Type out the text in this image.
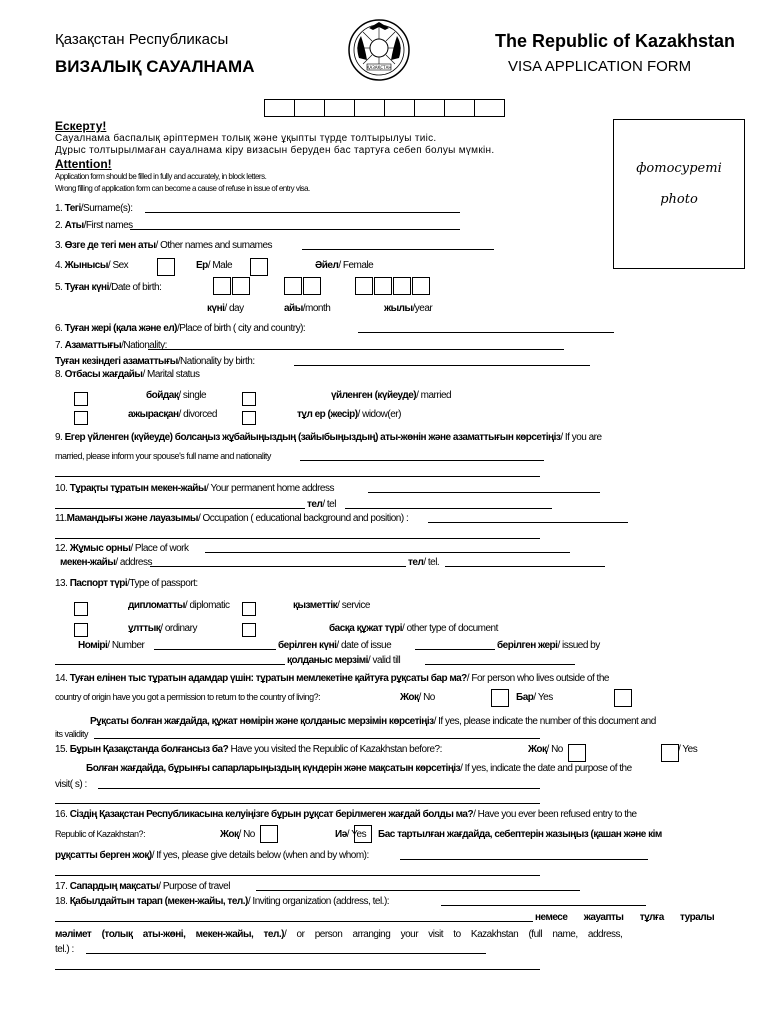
Қазақстан Республикасы
ВИЗАЛЫҚ САУАЛНАМА
The Republic of Kazakhstan
VISA APPLICATION FORM
ҚАЗАҚСТАН
фотосуреті
photo
Ескерту!
Сауалнама баспалық әріптермен толық және ұқыпты түрде толтырылуы тиіс.
Дұрыс толтырылмаған сауалнама кіру визасын беруден бас тартуға себеп болуы мүмкін.
Attention!
Application form should be filled in fully and accurately, in block letters.
Wrong filling of application form can become a cause of refuse in issue of entry visa.
1. Тегі/Surname(s):
2. Аты/First names
3. Өзге де тегі мен аты/ Other names and surnames
4. Жынысы/ Sex	Ер/ Male	Әйел/ Female
5. Туған күні/Date of birth:
күні/ day	айы/month	жылы/year
6. Туған жері (қала және ел)/Place of birth ( city and country):
7. Азаматтығы/Nationality:
Туған кезіндегі азаматтығы/Nationality by birth:
8. Отбасы жағдайы/ Marital status
бойдақ/ single	үйленген (күйеуде)/ married
ажырасқан/ divorced	тұл ер (жесір)/ widow(er)
9. Егер үйленген (күйеуде) болсаңыз жұбайыңыздың (зайыбыңыздың) аты-жөнін және азаматтығын көрсетіңіз/ If you are
married, please inform your spouse's full name and nationality
10. Тұрақты тұратын мекен-жайы/ Your permanent home address
тел/ tel
11.Мамандығы және лауазымы/ Occupation ( educational background and position) :
12. Жұмыс орны/ Place of work
мекен-жайы/ address	тел/ tel.
13. Паспорт түрі/Type of passport:
дипломатты/ diplomatic	қызметтік/ service
ұлттық/ ordinary	басқа құжат түрі/ other type of document
Номірі/ Number	берілген күні/ date of issue	берілген жері/ issued by
қолданыс мерзімі/ valid till
14. Туған елінен тыс тұратын адамдар үшін: тұратын мемлекетіне қайтуға рұқсаты бар ма?/ For person who lives outside of the
country of origin have you got a permission to return to the country of living?:	Жоқ/ No	Бар/ Yes
Рұқсаты болған жағдайда, құжат нөмірін және қолданыс мерзімін көрсетіңіз/ If yes, please indicate the number of this document and
its validity
15. Бұрын Қазақстанда болғансыз ба? Have you visited the Republic of Kazakhstan before?:	Жоқ/ No	/ Yes
Болған жағдайда, бұрынғы сапарларыңыздың күндерін және мақсатын көрсетіңіз/ If yes, indicate the date and purpose of the
visit( s) :
16. Сіздің Қазақстан Республикасына келуіңізге бұрын рұқсат берілмеген жағдай болды ма?/ Have you ever been refused entry to the
Republic of Kazakhstan?:	Жоқ/ No	Иә/ Yes Бас тартылған жағдайда, себептерін жазыңыз (қашан және кім
рұқсатты берген жоқ)/ If yes, please give details below (when and by whom):
17. Сапардың мақсаты/ Purpose of travel
18. Қабылдайтын тарап (мекен-жайы, тел.)/ Inviting organization (address, tel.):
немесе жауапты тұлға туралы
мәлімет (толық аты-жөні, мекен-жайы, тел.)/ or person arranging your visit to Kazakhstan (full name, address,
tel.) :
